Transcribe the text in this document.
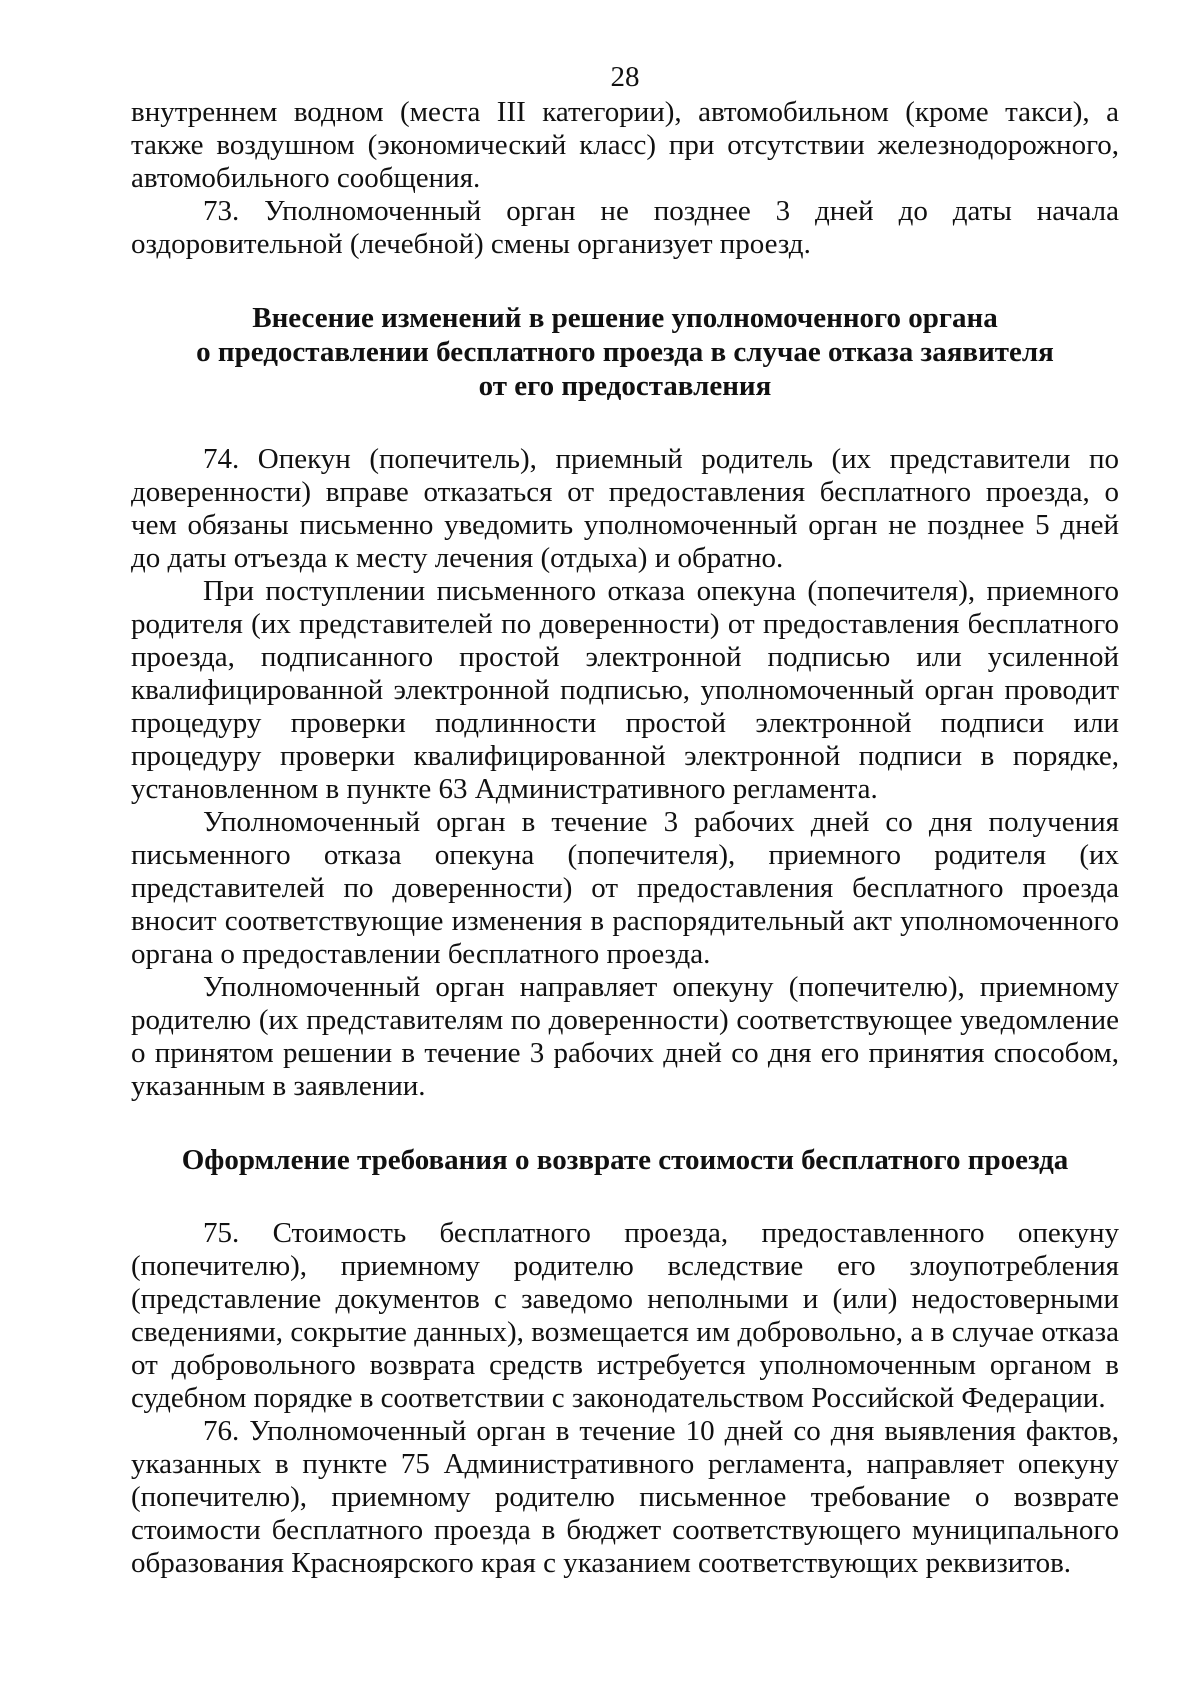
28

внутреннем водном (места III категории), автомобильном (кроме такси), а также воздушном (экономический класс) при отсутствии железнодорожного, автомобильного сообщения.

73. Уполномоченный орган не позднее 3 дней до даты начала оздоровительной (лечебной) смены организует проезд.

Внесение изменений в решение уполномоченного органа
о предоставлении бесплатного проезда в случае отказа заявителя
от его предоставления

74. Опекун (попечитель), приемный родитель (их представители по доверенности) вправе отказаться от предоставления бесплатного проезда, о чем обязаны письменно уведомить уполномоченный орган не позднее 5 дней до даты отъезда к месту лечения (отдыха) и обратно.

При поступлении письменного отказа опекуна (попечителя), приемного родителя (их представителей по доверенности) от предоставления бесплатного проезда, подписанного простой электронной подписью или усиленной квалифицированной электронной подписью, уполномоченный орган проводит процедуру проверки подлинности простой электронной подписи или процедуру проверки квалифицированной электронной подписи в порядке, установленном в пункте 63 Административного регламента.

Уполномоченный орган в течение 3 рабочих дней со дня получения письменного отказа опекуна (попечителя), приемного родителя (их представителей по доверенности) от предоставления бесплатного проезда вносит соответствующие изменения в распорядительный акт уполномоченного органа о предоставлении бесплатного проезда.

Уполномоченный орган направляет опекуну (попечителю), приемному родителю (их представителям по доверенности) соответствующее уведомление о принятом решении в течение 3 рабочих дней со дня его принятия способом, указанным в заявлении.

Оформление требования о возврате стоимости бесплатного проезда

75. Стоимость бесплатного проезда, предоставленного опекуну (попечителю), приемному родителю вследствие его злоупотребления (представление документов с заведомо неполными и (или) недостоверными сведениями, сокрытие данных), возмещается им добровольно, а в случае отказа от добровольного возврата средств истребуется уполномоченным органом в судебном порядке в соответствии с законодательством Российской Федерации.

76. Уполномоченный орган в течение 10 дней со дня выявления фактов, указанных в пункте 75 Административного регламента, направляет опекуну (попечителю), приемному родителю письменное требование о возврате стоимости бесплатного проезда в бюджет соответствующего муниципального образования Красноярского края с указанием соответствующих реквизитов.
